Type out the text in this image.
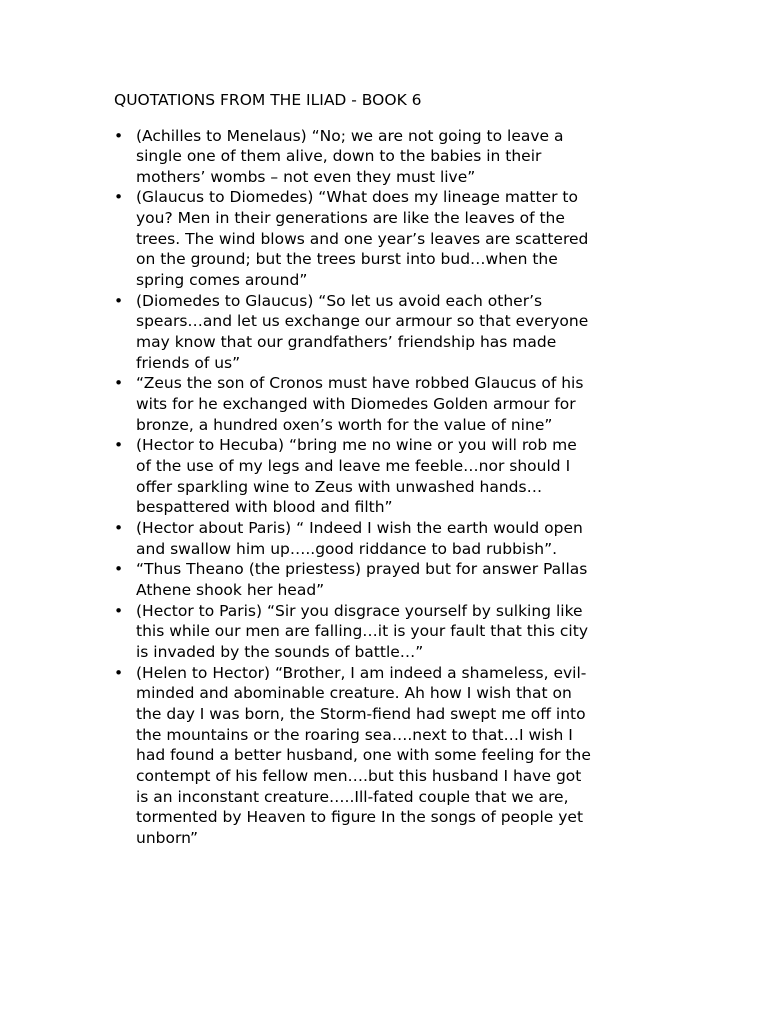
QUOTATIONS FROM THE ILIAD - BOOK 6
• (Achilles to Menelaus) “No; we are not going to leave a
single one of them alive, down to the babies in their
mothers’ wombs – not even they must live”
• (Glaucus to Diomedes) “What does my lineage matter to
you? Men in their generations are like the leaves of the
trees. The wind blows and one year’s leaves are scattered
on the ground; but the trees burst into bud…when the
spring comes around”
• (Diomedes to Glaucus) “So let us avoid each other’s
spears…and let us exchange our armour so that everyone
may know that our grandfathers’ friendship has made
friends of us”
• “Zeus the son of Cronos must have robbed Glaucus of his
wits for he exchanged with Diomedes Golden armour for
bronze, a hundred oxen’s worth for the value of nine”
• (Hector to Hecuba) “bring me no wine or you will rob me
of the use of my legs and leave me feeble…nor should I
offer sparkling wine to Zeus with unwashed hands…
bespattered with blood and filth”
• (Hector about Paris) “ Indeed I wish the earth would open
and swallow him up…..good riddance to bad rubbish”.
• “Thus Theano (the priestess) prayed but for answer Pallas
Athene shook her head”
• (Hector to Paris) “Sir you disgrace yourself by sulking like
this while our men are falling…it is your fault that this city
is invaded by the sounds of battle…”
• (Helen to Hector) “Brother, I am indeed a shameless, evil-
minded and abominable creature. Ah how I wish that on
the day I was born, the Storm-fiend had swept me off into
the mountains or the roaring sea….next to that…I wish I
had found a better husband, one with some feeling for the
contempt of his fellow men….but this husband I have got
is an inconstant creature…..Ill-fated couple that we are,
tormented by Heaven to figure In the songs of people yet
unborn”
